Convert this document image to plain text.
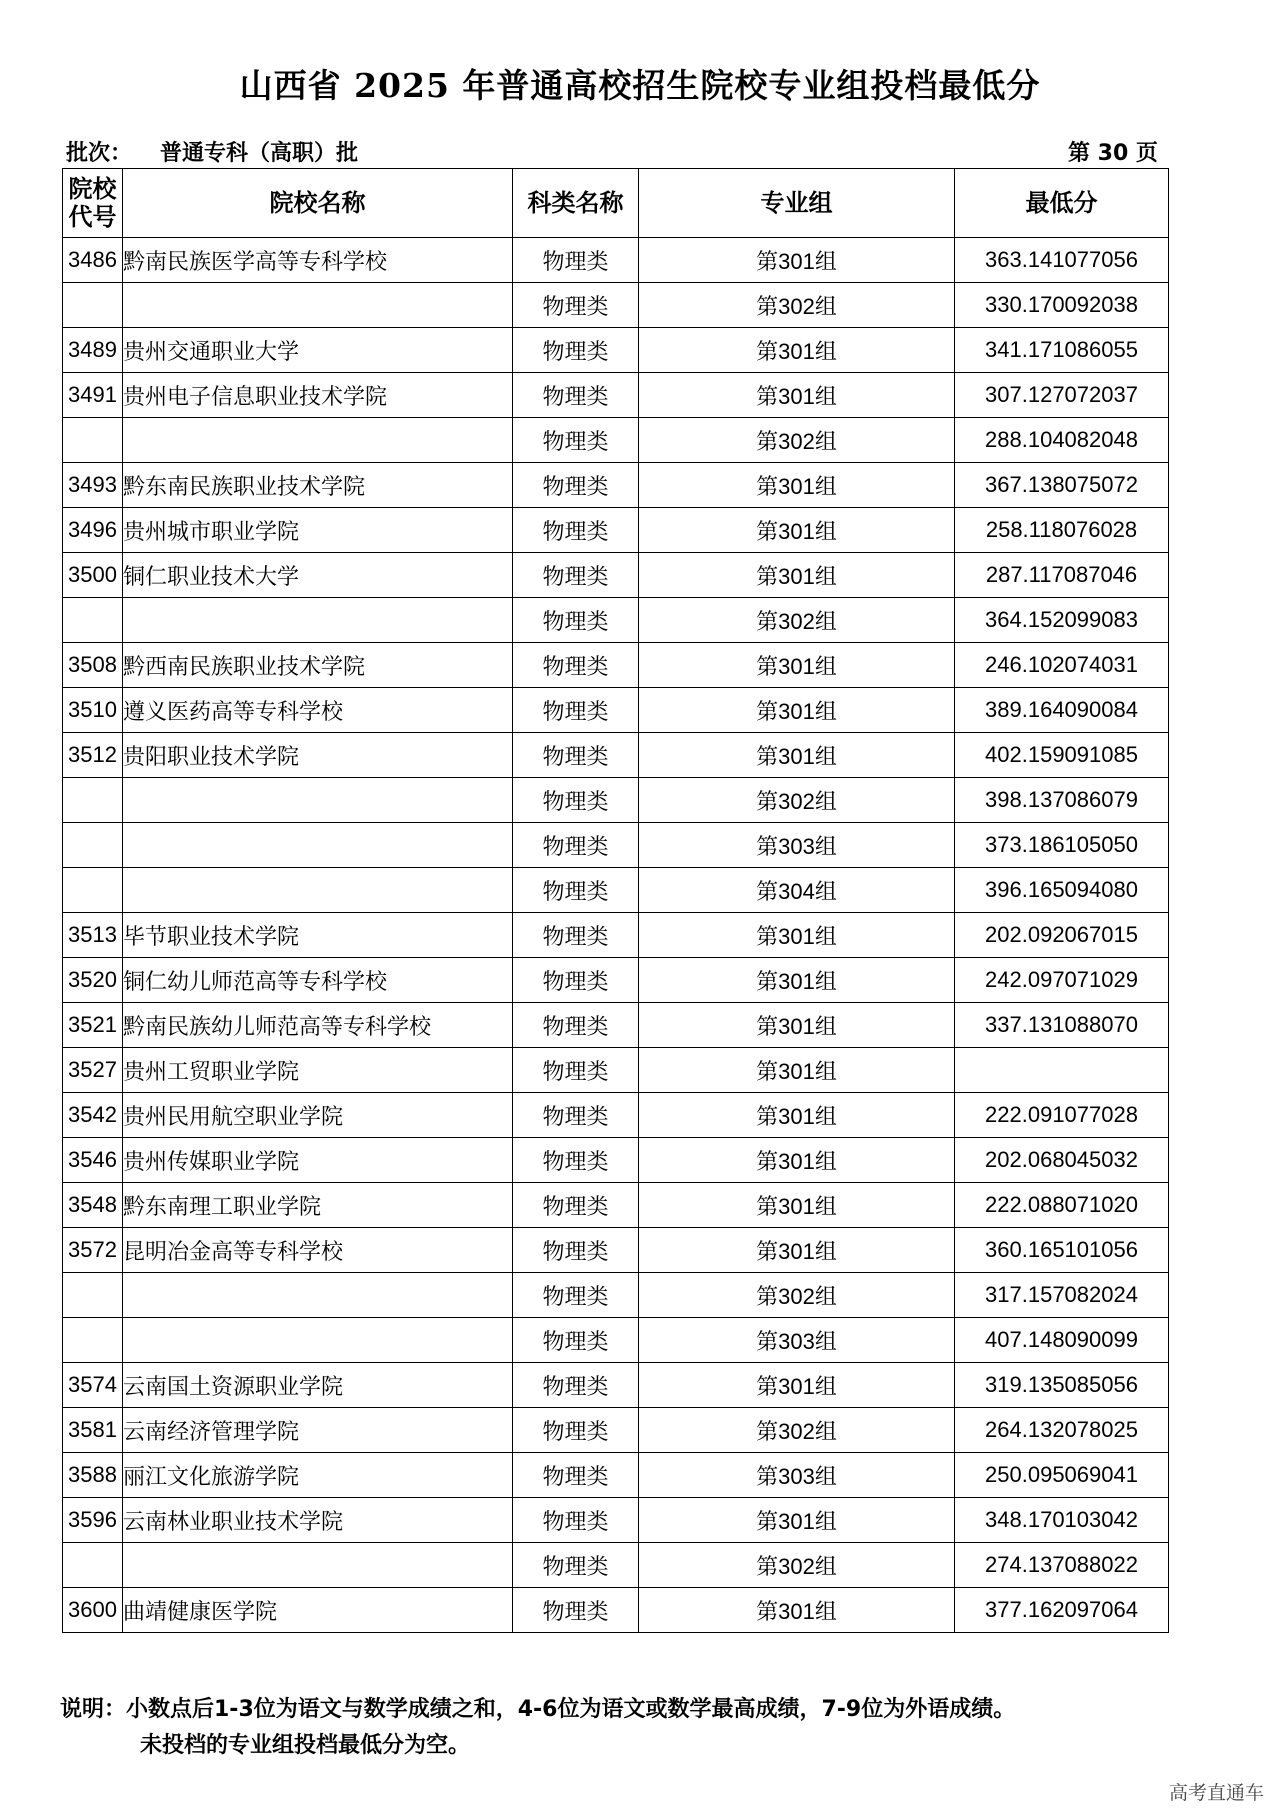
山西省 2025 年普通高校招生院校专业组投档最低分
批次： 普通专科（高职）批	第 30 页
院校
代号	院校名称	科类名称	专业组	最低分
3486	黔南民族医学高等专科学校	物理类	第301组	363.141077056
		物理类	第302组	330.170092038
3489	贵州交通职业大学	物理类	第301组	341.171086055
3491	贵州电子信息职业技术学院	物理类	第301组	307.127072037
		物理类	第302组	288.104082048
3493	黔东南民族职业技术学院	物理类	第301组	367.138075072
3496	贵州城市职业学院	物理类	第301组	258.118076028
3500	铜仁职业技术大学	物理类	第301组	287.117087046
		物理类	第302组	364.152099083
3508	黔西南民族职业技术学院	物理类	第301组	246.102074031
3510	遵义医药高等专科学校	物理类	第301组	389.164090084
3512	贵阳职业技术学院	物理类	第301组	402.159091085
		物理类	第302组	398.137086079
		物理类	第303组	373.186105050
		物理类	第304组	396.165094080
3513	毕节职业技术学院	物理类	第301组	202.092067015
3520	铜仁幼儿师范高等专科学校	物理类	第301组	242.097071029
3521	黔南民族幼儿师范高等专科学校	物理类	第301组	337.131088070
3527	贵州工贸职业学院	物理类	第301组	
3542	贵州民用航空职业学院	物理类	第301组	222.091077028
3546	贵州传媒职业学院	物理类	第301组	202.068045032
3548	黔东南理工职业学院	物理类	第301组	222.088071020
3572	昆明冶金高等专科学校	物理类	第301组	360.165101056
		物理类	第302组	317.157082024
		物理类	第303组	407.148090099
3574	云南国土资源职业学院	物理类	第301组	319.135085056
3581	云南经济管理学院	物理类	第302组	264.132078025
3588	丽江文化旅游学院	物理类	第303组	250.095069041
3596	云南林业职业技术学院	物理类	第301组	348.170103042
		物理类	第302组	274.137088022
3600	曲靖健康医学院	物理类	第301组	377.162097064
说明：小数点后1-3位为语文与数学成绩之和，4-6位为语文或数学最高成绩，7-9位为外语成绩。
未投档的专业组投档最低分为空。
高考直通车
